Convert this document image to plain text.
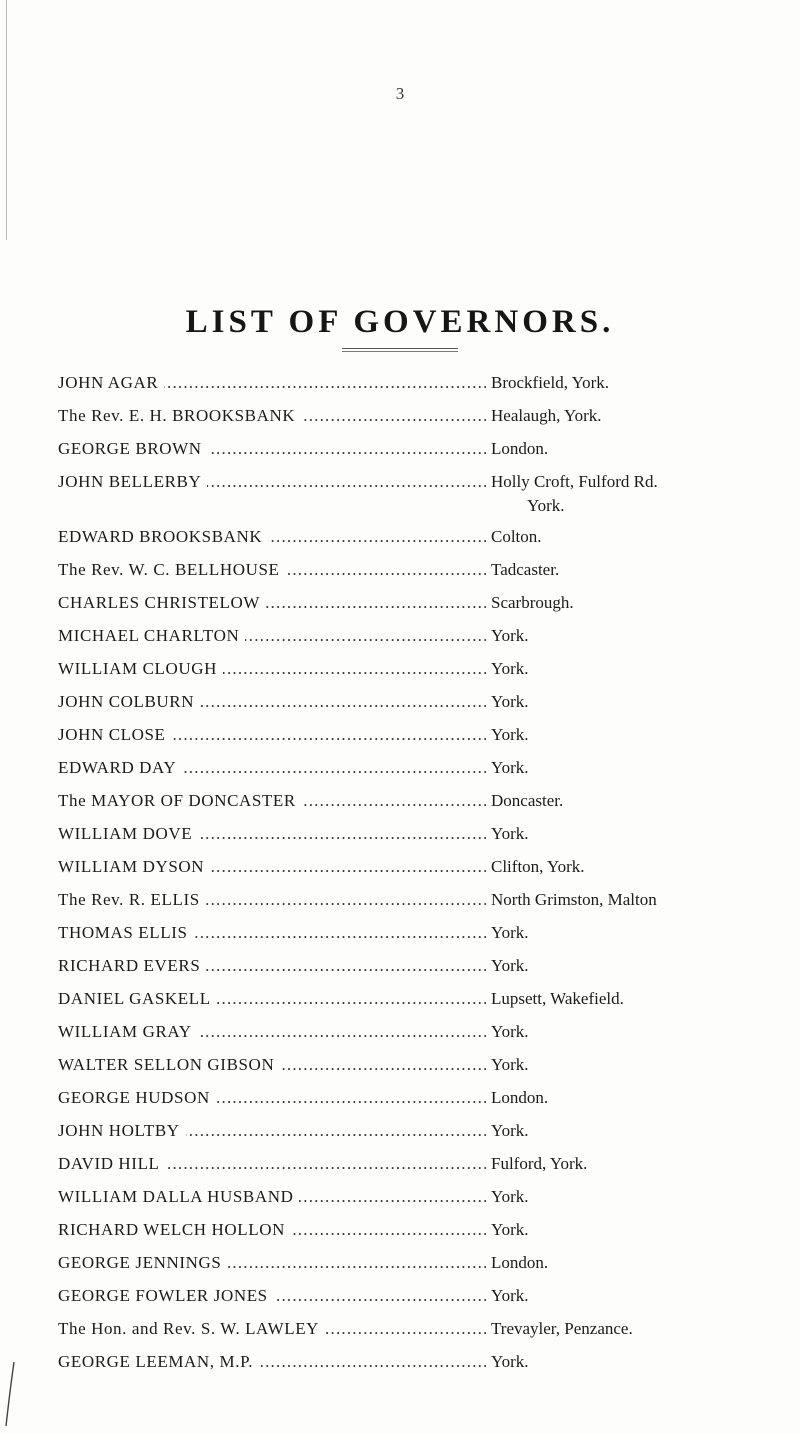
3
LIST OF GOVERNORS.
JOHN AGAR .....	Brockfield, York.
The Rev. E. H. BROOKSBANK .....	Healaugh, York.
GEORGE BROWN .....	London.
JOHN BELLERBY .....	Holly Croft, Fulford Rd.
York.
EDWARD BROOKSBANK .....	Colton.
The Rev. W. C. BELLHOUSE .....	Tadcaster.
CHARLES CHRISTELOW .....	Scarbrough.
MICHAEL CHARLTON .....	York.
WILLIAM CLOUGH .....	York.
JOHN COLBURN .....	York.
JOHN CLOSE .....	York.
EDWARD DAY .....	York.
The MAYOR OF DONCASTER .....	Doncaster.
WILLIAM DOVE .....	York.
WILLIAM DYSON .....	Clifton, York.
The Rev. R. ELLIS .....	North Grimston, Malton
THOMAS ELLIS .....	York.
RICHARD EVERS .....	York.
DANIEL GASKELL .....	Lupsett, Wakefield.
WILLIAM GRAY .....	York.
WALTER SELLON GIBSON .....	York.
GEORGE HUDSON .....	London.
JOHN HOLTBY .....	York.
DAVID HILL .....	Fulford, York.
WILLIAM DALLA HUSBAND .....	York.
RICHARD WELCH HOLLON .....	York.
GEORGE JENNINGS .....	London.
GEORGE FOWLER JONES .....	York.
The Hon. and Rev. S. W. LAWLEY .....	Trevayler, Penzance.
GEORGE LEEMAN, M.P. .....	York.
